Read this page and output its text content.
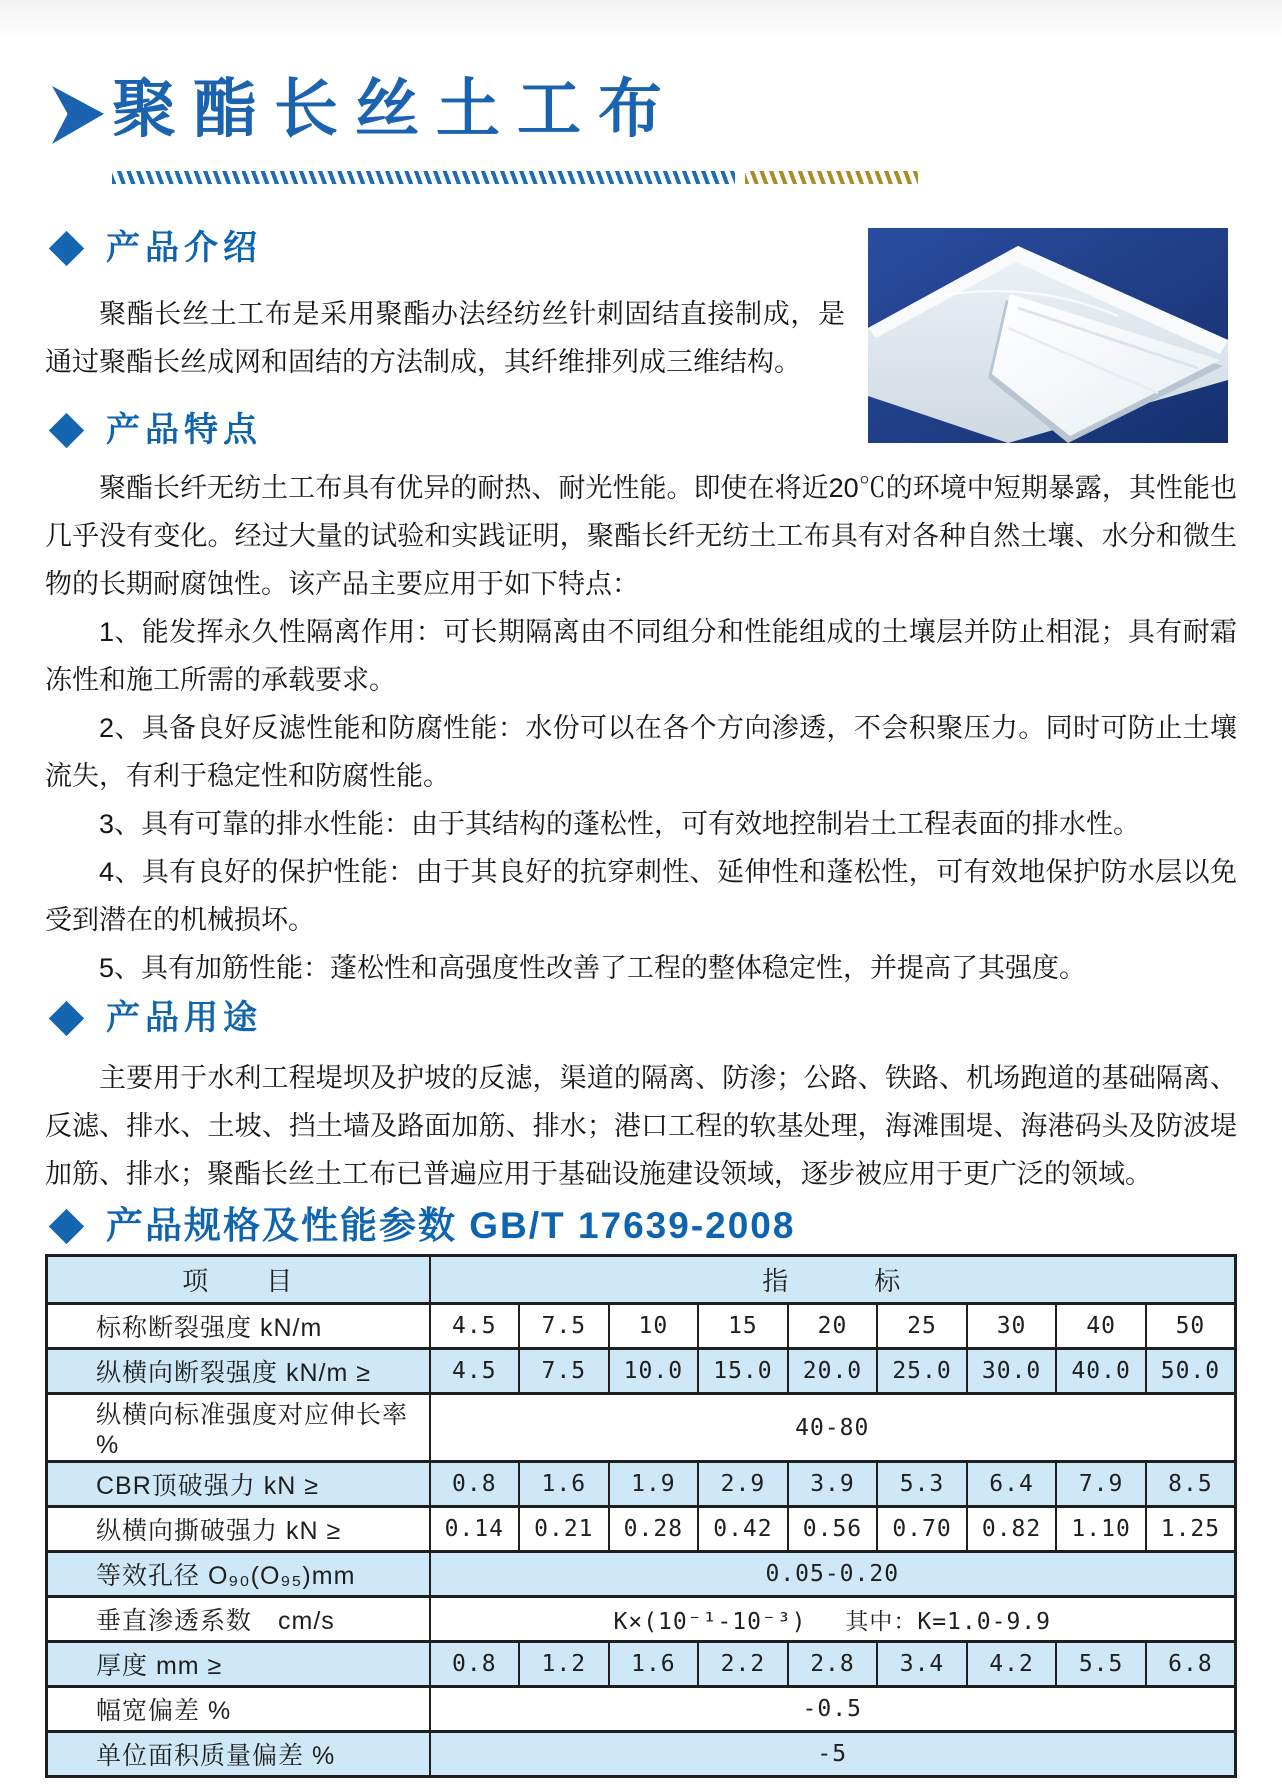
聚酯长丝土工布
产品介绍

聚酯长丝土工布是采用聚酯办法经纺丝针刺固结直接制成，是通过聚酯长丝成网和固结的方法制成，其纤维排列成三维结构。

产品特点

聚酯长纤无纺土工布具有优异的耐热、耐光性能。即使在将近20℃的环境中短期暴露，其性能也几乎没有变化。经过大量的试验和实践证明，聚酯长纤无纺土工布具有对各种自然土壤、水分和微生物的长期耐腐蚀性。该产品主要应用于如下特点：

1、能发挥永久性隔离作用：可长期隔离由不同组分和性能组成的土壤层并防止相混；具有耐霜冻性和施工所需的承载要求。

2、具备良好反滤性能和防腐性能：水份可以在各个方向渗透，不会积聚压力。同时可防止土壤流失，有利于稳定性和防腐性能。

3、具有可靠的排水性能：由于其结构的蓬松性，可有效地控制岩土工程表面的排水性。

4、具有良好的保护性能：由于其良好的抗穿刺性、延伸性和蓬松性，可有效地保护防水层以免受到潜在的机械损坏。

5、具有加筋性能：蓬松性和高强度性改善了工程的整体稳定性，并提高了其强度。

产品用途

主要用于水利工程堤坝及护坡的反滤，渠道的隔离、防渗；公路、铁路、机场跑道的基础隔离、反滤、排水、土坡、挡土墙及路面加筋、排水；港口工程的软基处理，海滩围堤、海港码头及防波堤加筋、排水；聚酯长丝土工布已普遍应用于基础设施建设领域，逐步被应用于更广泛的领域。

产品规格及性能参数 GB/T 17639-2008
项　　目	指　　　标								
标称断裂强度 kN/m	4.5	7.5	10	15	20	25	30	40	50
纵横向断裂强度 kN/m ≥	4.5	7.5	10.0	15.0	20.0	25.0	30.0	40.0	50.0
纵横向标准强度对应伸长率 %	40-80								
CBR顶破强力 kN ≥	0.8	1.6	1.9	2.9	3.9	5.3	6.4	7.9	8.5
纵横向撕破强力 kN ≥	0.14	0.21	0.28	0.42	0.56	0.70	0.82	1.10	1.25
等效孔径 O₉₀(O₉₅)mm	0.05-0.20								
垂直渗透系数　cm/s	K×(10⁻¹-10⁻³)　 其中：K=1.0-9.9								
厚度 mm ≥	0.8	1.2	1.6	2.2	2.8	3.4	4.2	5.5	6.8
幅宽偏差 %	-0.5								
单位面积质量偏差 %	-5								
